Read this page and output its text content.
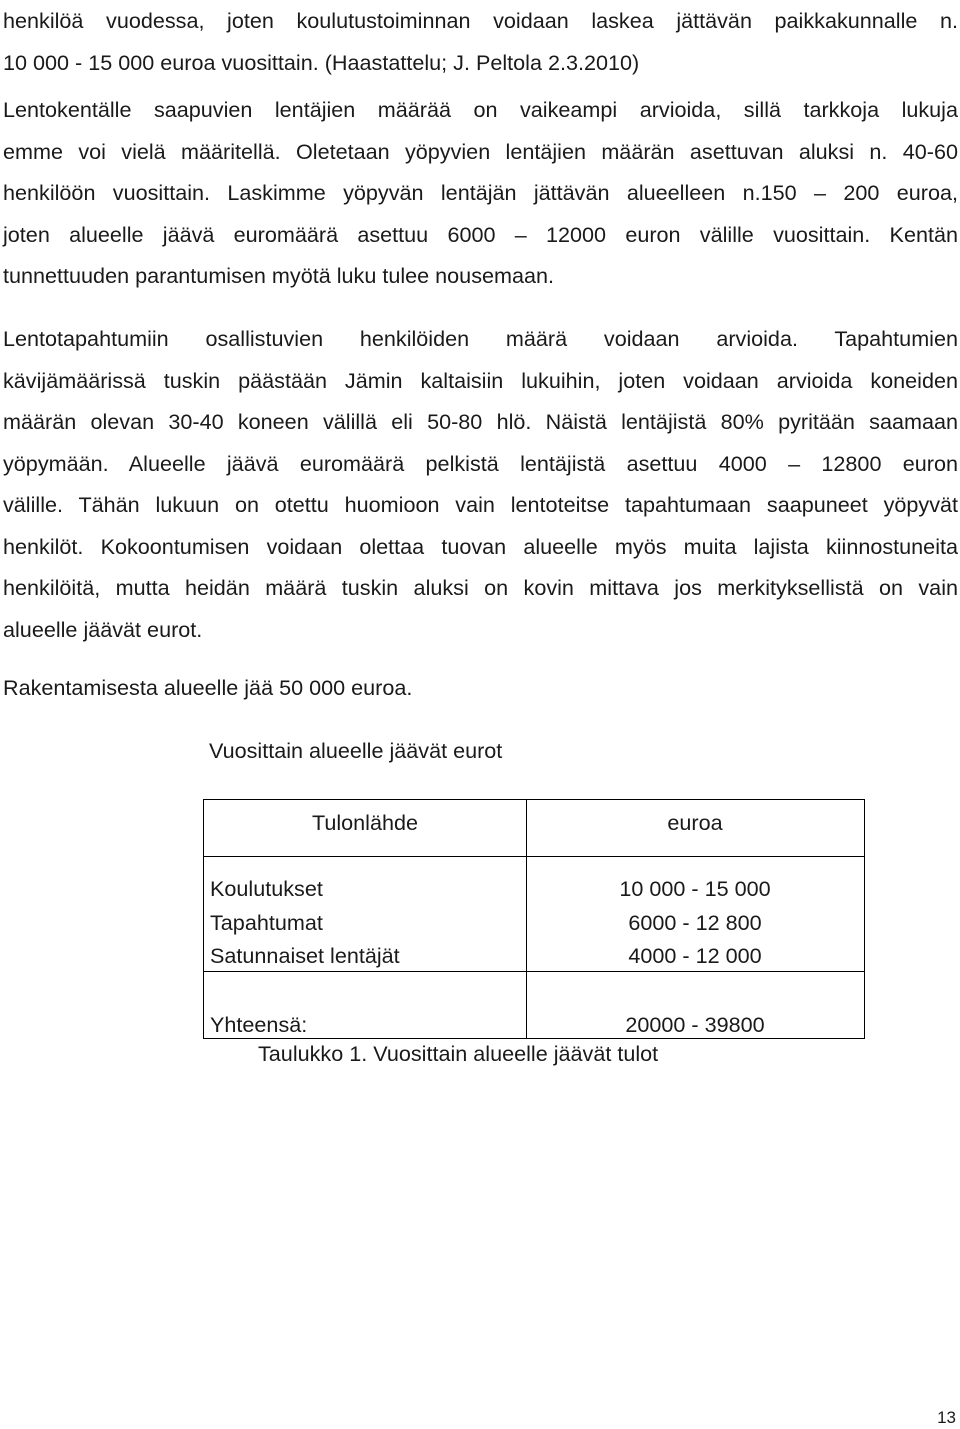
henkilöä vuodessa, joten koulutustoiminnan voidaan laskea jättävän paikkakunnalle n.
10 000 - 15 000 euroa vuosittain. (Haastattelu; J. Peltola 2.3.2010)
Lentokentälle saapuvien lentäjien määrää on vaikeampi arvioida, sillä tarkkoja lukuja
emme voi vielä määritellä. Oletetaan yöpyvien lentäjien määrän asettuvan aluksi n. 40-60
henkilöön vuosittain. Laskimme yöpyvän lentäjän jättävän alueelleen n.150 – 200 euroa,
joten alueelle jäävä euromäärä asettuu 6000 – 12000 euron välille vuosittain. Kentän
tunnettuuden parantumisen myötä luku tulee nousemaan.
Lentotapahtumiin osallistuvien henkilöiden määrä voidaan arvioida. Tapahtumien
kävijämäärissä tuskin päästään Jämin kaltaisiin lukuihin, joten voidaan arvioida koneiden
määrän olevan 30-40 koneen välillä eli 50-80 hlö. Näistä lentäjistä 80% pyritään saamaan
yöpymään. Alueelle jäävä euromäärä pelkistä lentäjistä asettuu 4000 – 12800 euron
välille. Tähän lukuun on otettu huomioon vain lentoteitse tapahtumaan saapuneet yöpyvät
henkilöt. Kokoontumisen voidaan olettaa tuovan alueelle myös muita lajista kiinnostuneita
henkilöitä, mutta heidän määrä tuskin aluksi on kovin mittava jos merkityksellistä on vain
alueelle jäävät eurot.
Rakentamisesta alueelle jää 50 000 euroa.
Vuosittain alueelle jäävät eurot
Tulonlähde	euroa
Koulutukset	10 000 - 15 000
Tapahtumat	6000 - 12 800
Satunnaiset lentäjät	4000 - 12 000
Yhteensä:	20000 - 39800
Taulukko 1. Vuosittain alueelle jäävät tulot
13
